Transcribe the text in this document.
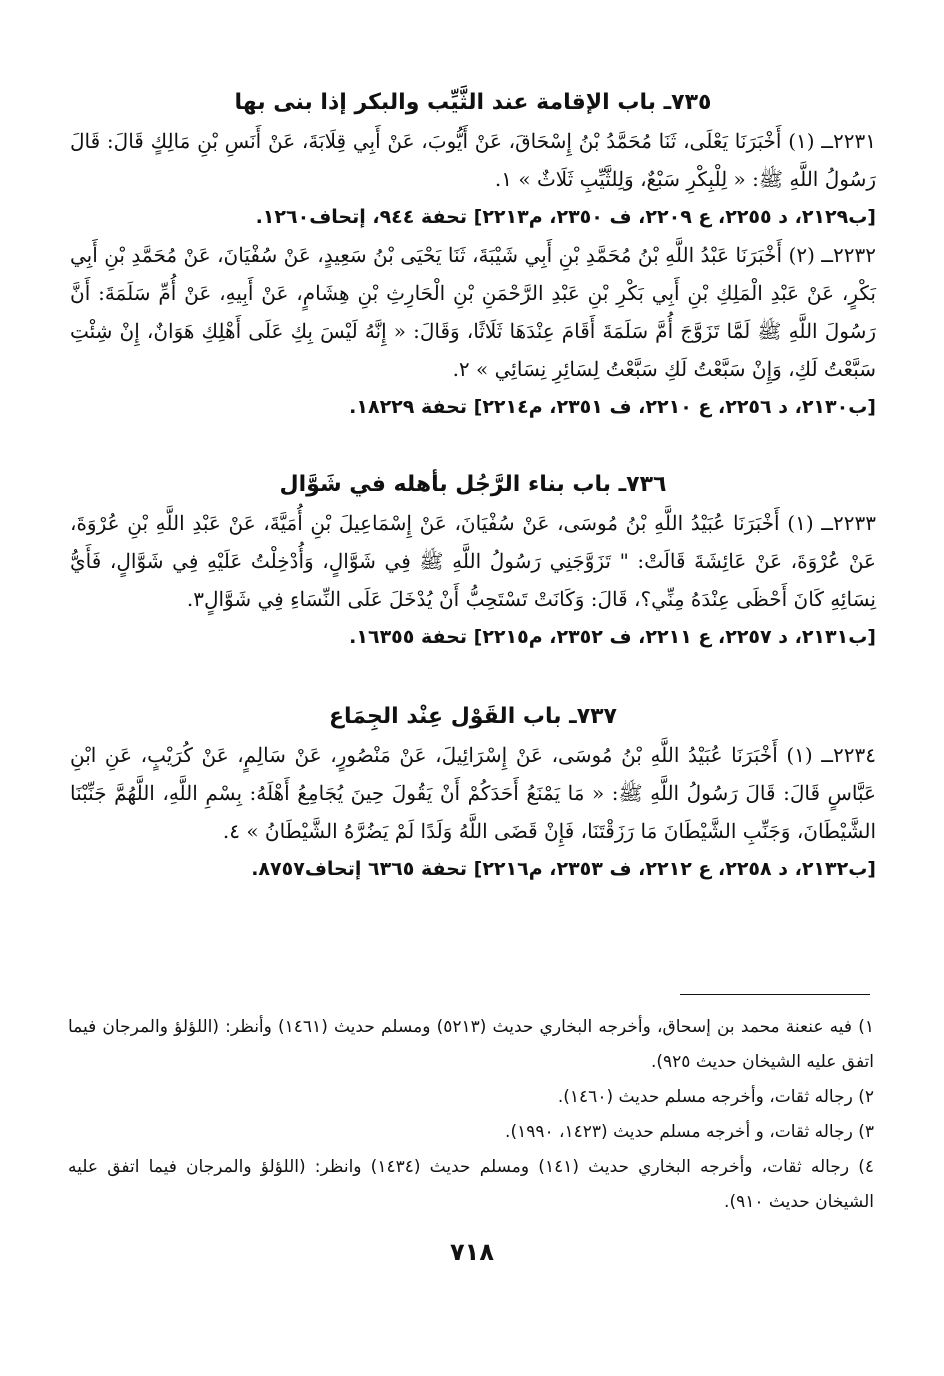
٧٣٥ـ باب الإقامة عند الثَّيِّب والبكر إذا بنى بها

٢٢٣١ــ (١) أَخْبَرَنَا يَعْلَى، ثَنَا مُحَمَّدُ بْنُ إِسْحَاقَ، عَنْ أَيُّوبَ، عَنْ أَبِي قِلَابَةَ، عَنْ أَنَسِ بْنِ مَالِكٍ قَالَ: قَالَ رَسُولُ اللَّهِ ﷺ: « لِلْبِكْرِ سَبْعٌ، وَلِلثَّيِّبِ ثَلَاثٌ » ١.

[ب٢١٢٩، د ٢٢٥٥، ع ٢٢٠٩، ف ٢٣٥٠، م٢٢١٣] تحفة ٩٤٤، إتحاف١٢٦٠.

٢٢٣٢ــ (٢) أَخْبَرَنَا عَبْدُ اللَّهِ بْنُ مُحَمَّدِ بْنِ أَبِي شَيْبَةَ، ثَنَا يَحْيَى بْنُ سَعِيدٍ، عَنْ سُفْيَانَ، عَنْ مُحَمَّدِ بْنِ أَبِي بَكْرٍ، عَنْ عَبْدِ الْمَلِكِ بْنِ أَبِي بَكْرِ بْنِ عَبْدِ الرَّحْمَنِ بْنِ الْحَارِثِ بْنِ هِشَامٍ، عَنْ أَبِيهِ، عَنْ أُمِّ سَلَمَةَ: أَنَّ رَسُولَ اللَّهِ ﷺ لَمَّا تَزَوَّجَ أُمَّ سَلَمَةَ أَقَامَ عِنْدَهَا ثَلَاثًا، وَقَالَ: « إِنَّهُ لَيْسَ بِكِ عَلَى أَهْلِكِ هَوَانٌ، إِنْ شِئْتِ سَبَّعْتُ لَكِ، وَإِنْ سَبَّعْتُ لَكِ سَبَّعْتُ لِسَائِرِ نِسَائِي » ٢.

[ب٢١٣٠، د ٢٢٥٦، ع ٢٢١٠، ف ٢٣٥١، م٢٢١٤] تحفة ١٨٢٢٩.

٧٣٦ـ باب بناء الرَّجُل بأهله في شَوَّال

٢٢٣٣ــ (١) أَخْبَرَنَا عُبَيْدُ اللَّهِ بْنُ مُوسَى، عَنْ سُفْيَانَ، عَنْ إِسْمَاعِيلَ بْنِ أُمَيَّةَ، عَنْ عَبْدِ اللَّهِ بْنِ عُرْوَةَ، عَنْ عُرْوَةَ، عَنْ عَائِشَةَ قَالَتْ: " تَزَوَّجَنِي رَسُولُ اللَّهِ ﷺ فِي شَوَّالٍ، وَأُدْخِلْتُ عَلَيْهِ فِي شَوَّالٍ، فَأَيُّ نِسَائِهِ كَانَ أَحْظَى عِنْدَهُ مِنِّي؟، قَالَ: وَكَانَتْ تَسْتَحِبُّ أَنْ يُدْخَلَ عَلَى النِّسَاءِ فِي شَوَّالٍ٣.

[ب٢١٣١، د ٢٢٥٧، ع ٢٢١١، ف ٢٣٥٢، م٢٢١٥] تحفة ١٦٣٥٥.

٧٣٧ـ باب القَوْل عِنْد الجِمَاع

٢٢٣٤ــ (١) أَخْبَرَنَا عُبَيْدُ اللَّهِ بْنُ مُوسَى، عَنْ إِسْرَائِيلَ، عَنْ مَنْصُورٍ، عَنْ سَالِمٍ، عَنْ كُرَيْبٍ، عَنِ ابْنِ عَبَّاسٍ قَالَ: قَالَ رَسُولُ اللَّهِ ﷺ: « مَا يَمْنَعُ أَحَدَكُمْ أَنْ يَقُولَ حِينَ يُجَامِعُ أَهْلَهُ: بِسْمِ اللَّهِ، اللَّهُمَّ جَنِّبْنَا الشَّيْطَانَ، وَجَنِّبِ الشَّيْطَانَ مَا رَزَقْتَنَا، فَإِنْ قَضَى اللَّهُ وَلَدًا لَمْ يَضُرَّهُ الشَّيْطَانُ » ٤.

[ب٢١٣٢، د ٢٢٥٨، ع ٢٢١٢، ف ٢٣٥٣، م٢٢١٦] تحفة ٦٣٦٥ إتحاف٨٧٥٧.

١) فيه عنعنة محمد بن إسحاق، وأخرجه البخاري حديث (٥٢١٣) ومسلم حديث (١٤٦١) وأنظر: (اللؤلؤ والمرجان فيما اتفق عليه الشيخان حديث ٩٢٥).

٢) رجاله ثقات، وأخرجه مسلم حديث (١٤٦٠).

٣) رجاله ثقات، و أخرجه مسلم حديث (١٤٢٣، ١٩٩٠).

٤) رجاله ثقات، وأخرجه البخاري حديث (١٤١) ومسلم حديث (١٤٣٤) وانظر: (اللؤلؤ والمرجان فيما اتفق عليه الشيخان حديث ٩١٠).

٧١٨
